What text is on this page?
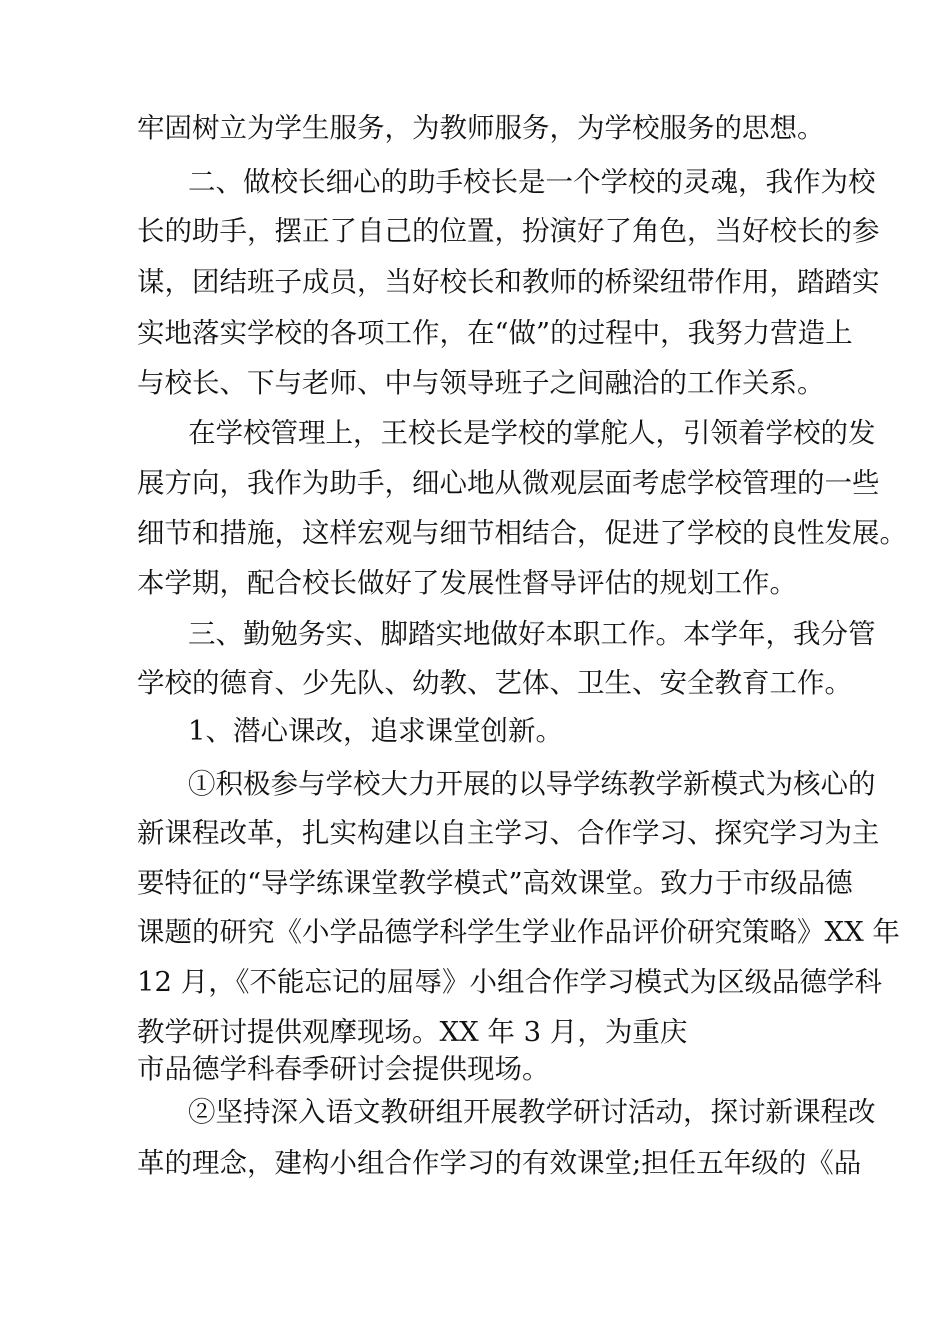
牢固树立为学生服务，为教师服务，为学校服务的思想。
二、做校长细心的助手校长是一个学校的灵魂，我作为校
长的助手，摆正了自己的位置，扮演好了角色，当好校长的参
谋，团结班子成员，当好校长和教师的桥梁纽带作用，踏踏实
实地落实学校的各项工作，在“做”的过程中，我努力营造上
与校长、下与老师、中与领导班子之间融洽的工作关系。
在学校管理上，王校长是学校的掌舵人，引领着学校的发
展方向，我作为助手，细心地从微观层面考虑学校管理的一些
细节和措施，这样宏观与细节相结合，促进了学校的良性发展。
本学期，配合校长做好了发展性督导评估的规划工作。
三、勤勉务实、脚踏实地做好本职工作。本学年，我分管
学校的德育、少先队、幼教、艺体、卫生、安全教育工作。
1、潜心课改，追求课堂创新。
①积极参与学校大力开展的以导学练教学新模式为核心的
新课程改革，扎实构建以自主学习、合作学习、探究学习为主
要特征的“导学练课堂教学模式”高效课堂。致力于市级品德
课题的研究《小学品德学科学生学业作品评价研究策略》XX 年
12 月，《不能忘记的屈辱》小组合作学习模式为区级品德学科
教学研讨提供观摩现场。XX 年 3 月，为重庆
市品德学科春季研讨会提供现场。
②坚持深入语文教研组开展教学研讨活动，探讨新课程改
革的理念，建构小组合作学习的有效课堂;担任五年级的《品
